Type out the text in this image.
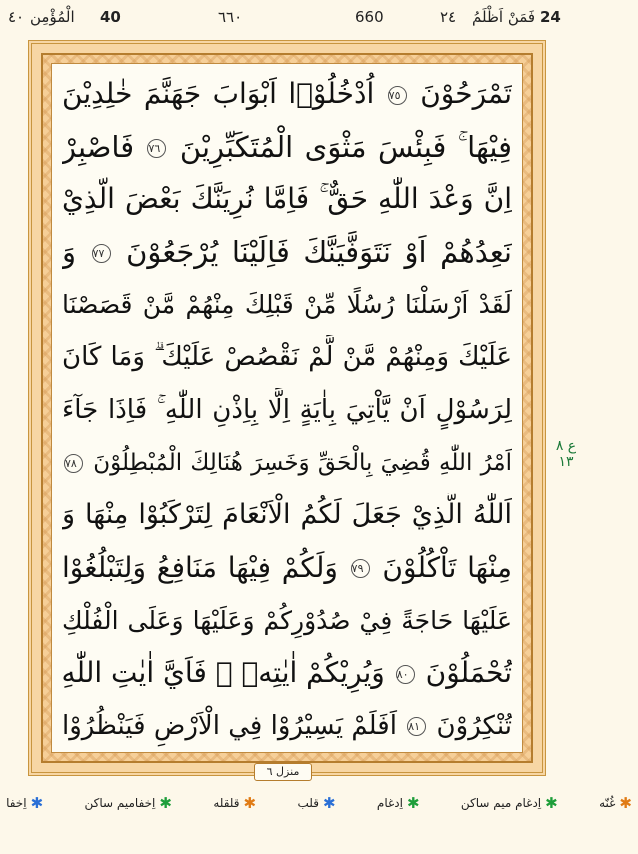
٤٠ الْمُؤْمِن 40	٦٦٠	660	٢٤ فَمَنْ اَظْلَمُ 24
تَمْرَحُوْنَ ٧٥ اُدْخُلُوْۤا اَبْوَابَ جَهَنَّمَ خٰلِدِيْنَ
فِيْهَا ۚ فَبِئْسَ مَثْوَى الْمُتَكَبِّرِيْنَ ٧٦ فَاصْبِرْ
اِنَّ وَعْدَ اللّٰهِ حَقٌّ ۚ فَاِمَّا نُرِيَنَّكَ بَعْضَ الَّذِيْ
نَعِدُهُمْ اَوْ نَتَوَفَّيَنَّكَ فَاِلَيْنَا يُرْجَعُوْنَ ٧٧ وَ
لَقَدْ اَرْسَلْنَا رُسُلًا مِّنْ قَبْلِكَ مِنْهُمْ مَّنْ قَصَصْنَا
عَلَيْكَ وَمِنْهُمْ مَّنْ لَّمْ نَقْصُصْ عَلَيْكَ ۗ وَمَا كَانَ
لِرَسُوْلٍ اَنْ يَّاْتِيَ بِاٰيَةٍ اِلَّا بِاِذْنِ اللّٰهِ ۚ فَاِذَا جَآءَ
اَمْرُ اللّٰهِ قُضِيَ بِالْحَقِّ وَخَسِرَ هُنَالِكَ الْمُبْطِلُوْنَ ٧٨
اَللّٰهُ الَّذِيْ جَعَلَ لَكُمُ الْاَنْعَامَ لِتَرْكَبُوْا مِنْهَا وَ
مِنْهَا تَاْكُلُوْنَ ٧٩ وَلَكُمْ فِيْهَا مَنَافِعُ وَلِتَبْلُغُوْا
عَلَيْهَا حَاجَةً فِيْ صُدُوْرِكُمْ وَعَلَيْهَا وَعَلَى الْفُلْكِ
تُحْمَلُوْنَ ٨٠ وَيُرِيْكُمْ اٰيٰتِهٖ ۖ فَاَيَّ اٰيٰتِ اللّٰهِ
تُنْكِرُوْنَ ٨١ اَفَلَمْ يَسِيْرُوْا فِي الْاَرْضِ فَيَنْظُرُوْا
منزل ٦
ع ٨ ١٣
✱
اِخفا	✱
اِخفاميم ساكن	✱
قلقله	✱
قلب	✱
اِدغام	✱
اِدغام ميم ساكن	✱
غُنّه
